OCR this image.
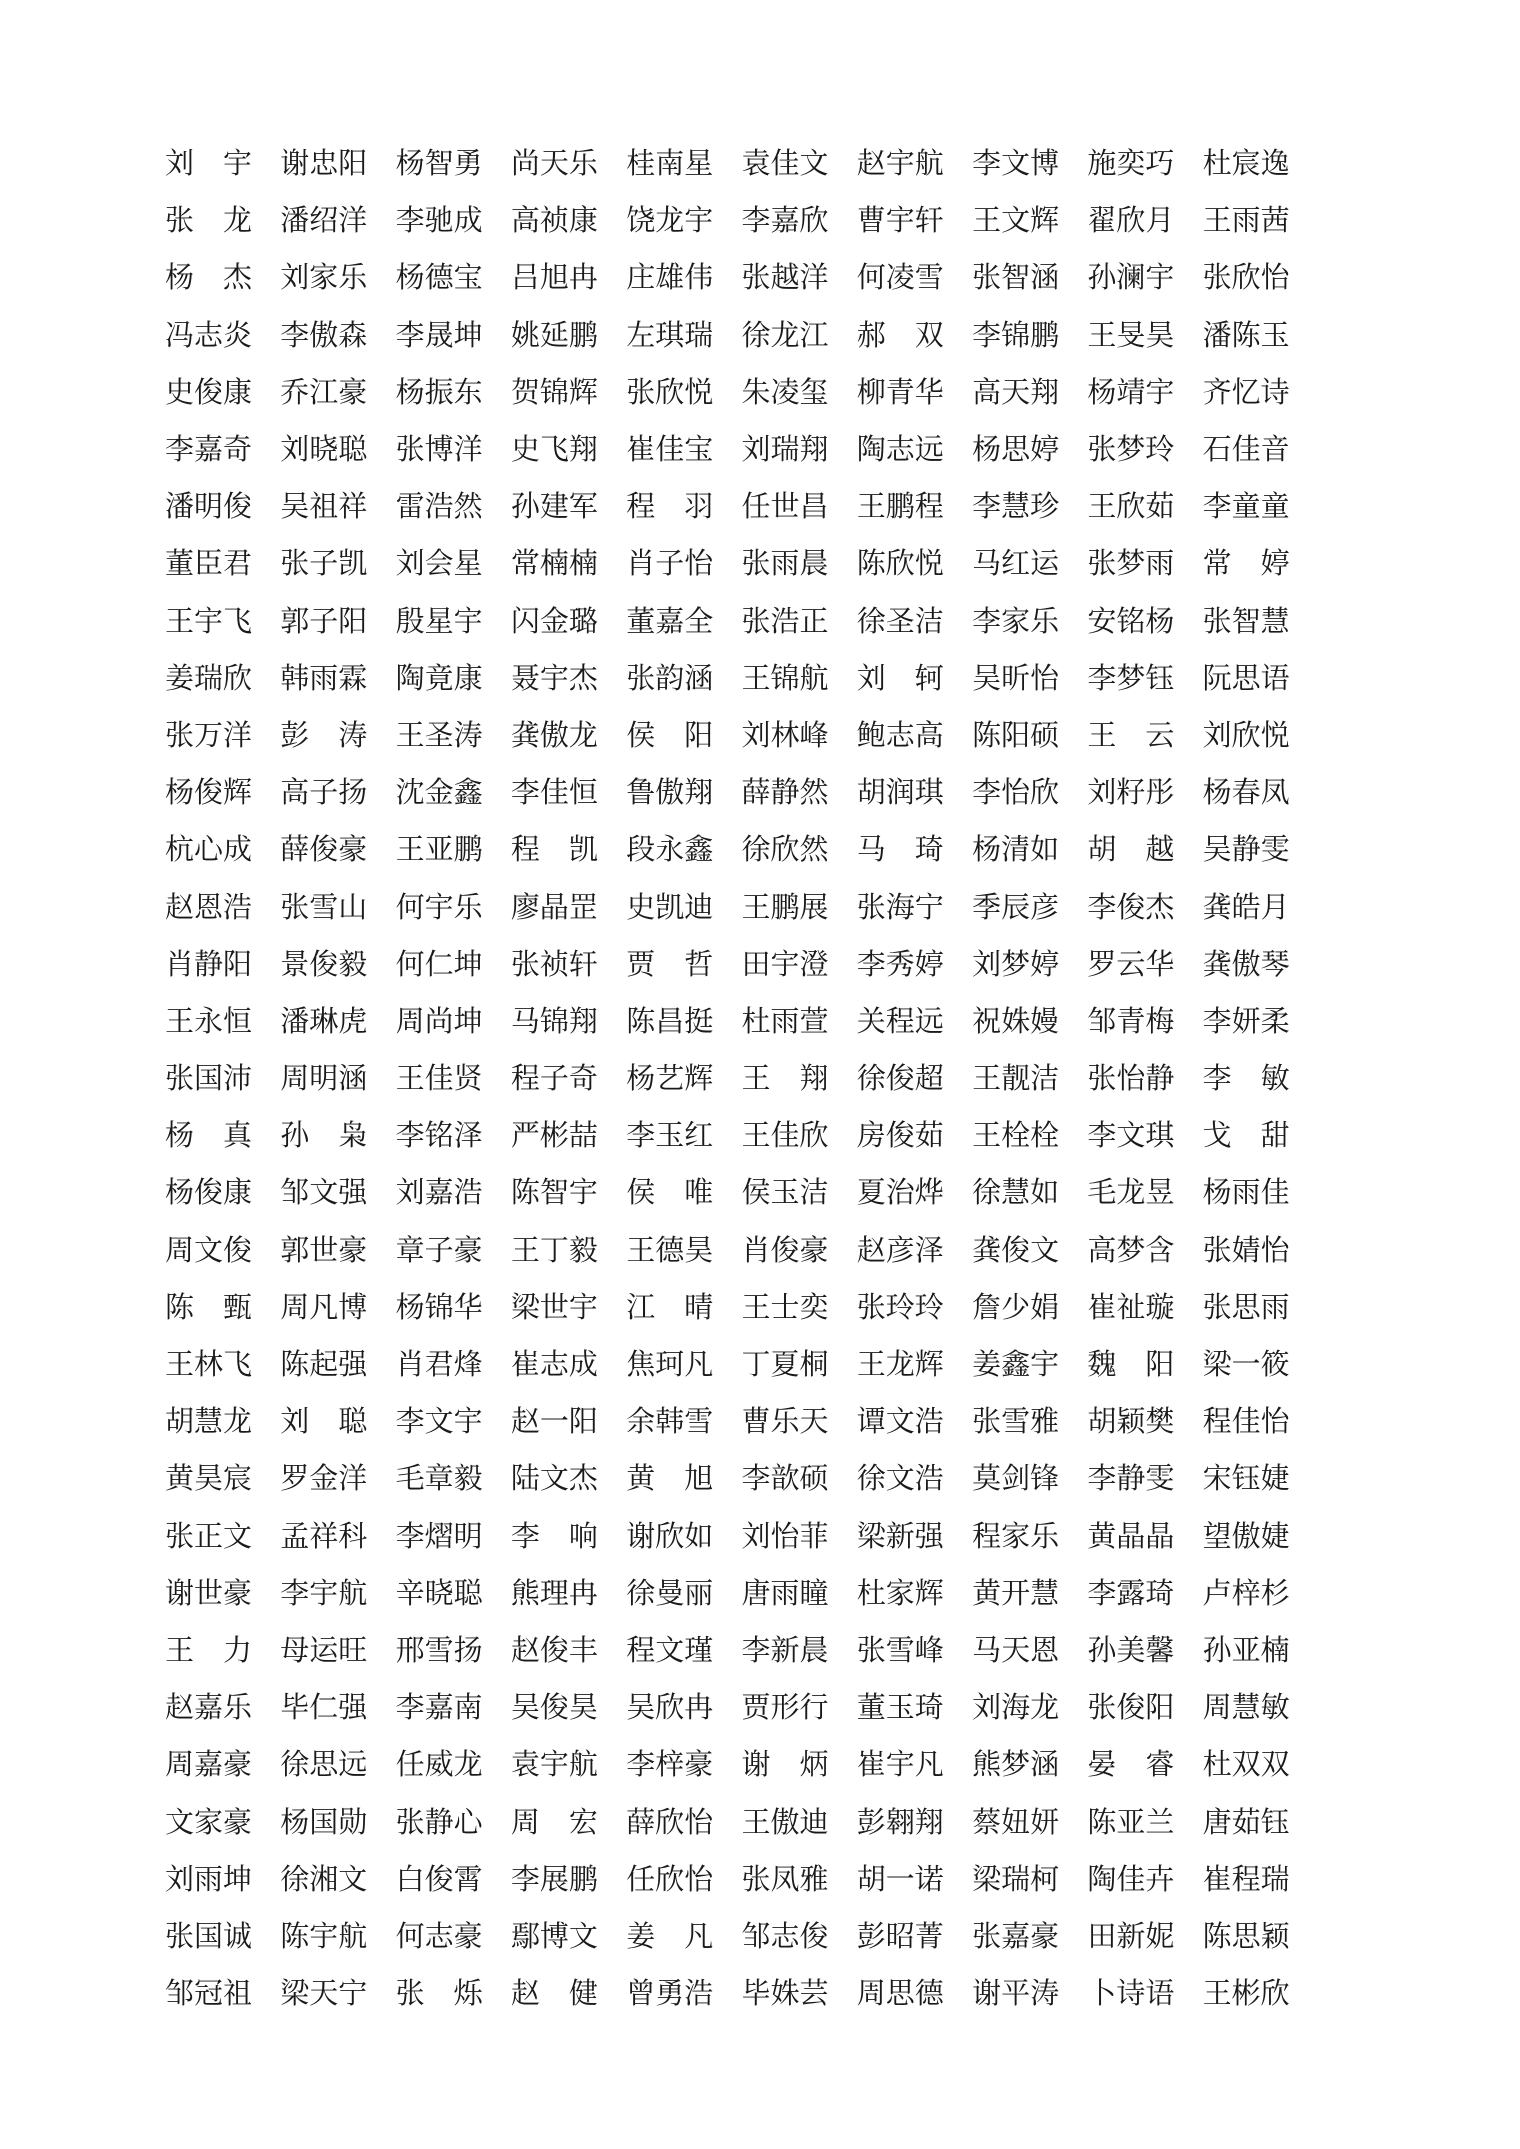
刘　宇 谢忠阳 杨智勇 尚天乐 桂南星 袁佳文 赵宇航 李文博 施奕巧 杜宸逸
张　龙 潘绍洋 李驰成 高祯康 饶龙宇 李嘉欣 曹宇轩 王文辉 翟欣月 王雨茜
杨　杰 刘家乐 杨德宝 吕旭冉 庄雄伟 张越洋 何凌雪 张智涵 孙澜宇 张欣怡
冯志炎 李傲森 李晟坤 姚延鹏 左琪瑞 徐龙江 郝　双 李锦鹏 王旻昊 潘陈玉
史俊康 乔江豪 杨振东 贺锦辉 张欣悦 朱凌玺 柳青华 高天翔 杨靖宇 齐忆诗
李嘉奇 刘晓聪 张博洋 史飞翔 崔佳宝 刘瑞翔 陶志远 杨思婷 张梦玲 石佳音
潘明俊 吴祖祥 雷浩然 孙建军 程　羽 任世昌 王鹏程 李慧珍 王欣茹 李童童
董臣君 张子凯 刘会星 常楠楠 肖子怡 张雨晨 陈欣悦 马红运 张梦雨 常　婷
王宇飞 郭子阳 殷星宇 闪金璐 董嘉全 张浩正 徐圣洁 李家乐 安铭杨 张智慧
姜瑞欣 韩雨霖 陶竟康 聂宇杰 张韵涵 王锦航 刘　轲 吴昕怡 李梦钰 阮思语
张万洋 彭　涛 王圣涛 龚傲龙 侯　阳 刘林峰 鲍志高 陈阳硕 王　云 刘欣悦
杨俊辉 高子扬 沈金鑫 李佳恒 鲁傲翔 薛静然 胡润琪 李怡欣 刘籽彤 杨春凤
杭心成 薛俊豪 王亚鹏 程　凯 段永鑫 徐欣然 马　琦 杨清如 胡　越 吴静雯
赵恩浩 张雪山 何宇乐 廖晶罡 史凯迪 王鹏展 张海宁 季辰彦 李俊杰 龚皓月
肖静阳 景俊毅 何仁坤 张祯轩 贾　哲 田宇澄 李秀婷 刘梦婷 罗云华 龚傲琴
王永恒 潘琳虎 周尚坤 马锦翔 陈昌挺 杜雨萱 关程远 祝姝嫚 邹青梅 李妍柔
张国沛 周明涵 王佳贤 程子奇 杨艺辉 王　翔 徐俊超 王靓洁 张怡静 李　敏
杨　真 孙　枭 李铭泽 严彬喆 李玉红 王佳欣 房俊茹 王栓栓 李文琪 戈　甜
杨俊康 邹文强 刘嘉浩 陈智宇 侯　唯 侯玉洁 夏治烨 徐慧如 毛龙昱 杨雨佳
周文俊 郭世豪 章子豪 王丁毅 王德昊 肖俊豪 赵彦泽 龚俊文 高梦含 张婧怡
陈　甄 周凡博 杨锦华 梁世宇 江　晴 王士奕 张玲玲 詹少娟 崔祉璇 张思雨
王林飞 陈起强 肖君烽 崔志成 焦珂凡 丁夏桐 王龙辉 姜鑫宇 魏　阳 梁一筱
胡慧龙 刘　聪 李文宇 赵一阳 余韩雪 曹乐天 谭文浩 张雪雅 胡颖樊 程佳怡
黄昊宸 罗金洋 毛章毅 陆文杰 黄　旭 李歆硕 徐文浩 莫剑锋 李静雯 宋钰婕
张正文 孟祥科 李熠明 李　响 谢欣如 刘怡菲 梁新强 程家乐 黄晶晶 望傲婕
谢世豪 李宇航 辛晓聪 熊理冉 徐曼丽 唐雨瞳 杜家辉 黄开慧 李露琦 卢梓杉
王　力 母运旺 邢雪扬 赵俊丰 程文瑾 李新晨 张雪峰 马天恩 孙美馨 孙亚楠
赵嘉乐 毕仁强 李嘉南 吴俊昊 吴欣冉 贾形行 董玉琦 刘海龙 张俊阳 周慧敏
周嘉豪 徐思远 任威龙 袁宇航 李梓豪 谢　炳 崔宇凡 熊梦涵 晏　睿 杜双双
文家豪 杨国勋 张静心 周　宏 薛欣怡 王傲迪 彭翱翔 蔡妞妍 陈亚兰 唐茹钰
刘雨坤 徐湘文 白俊霄 李展鹏 任欣怡 张凤雅 胡一诺 梁瑞柯 陶佳卉 崔程瑞
张国诚 陈宇航 何志豪 鄢博文 姜　凡 邹志俊 彭昭菁 张嘉豪 田新妮 陈思颖
邹冠祖 梁天宁 张　烁 赵　健 曾勇浩 毕姝芸 周思德 谢平涛 卜诗语 王彬欣
